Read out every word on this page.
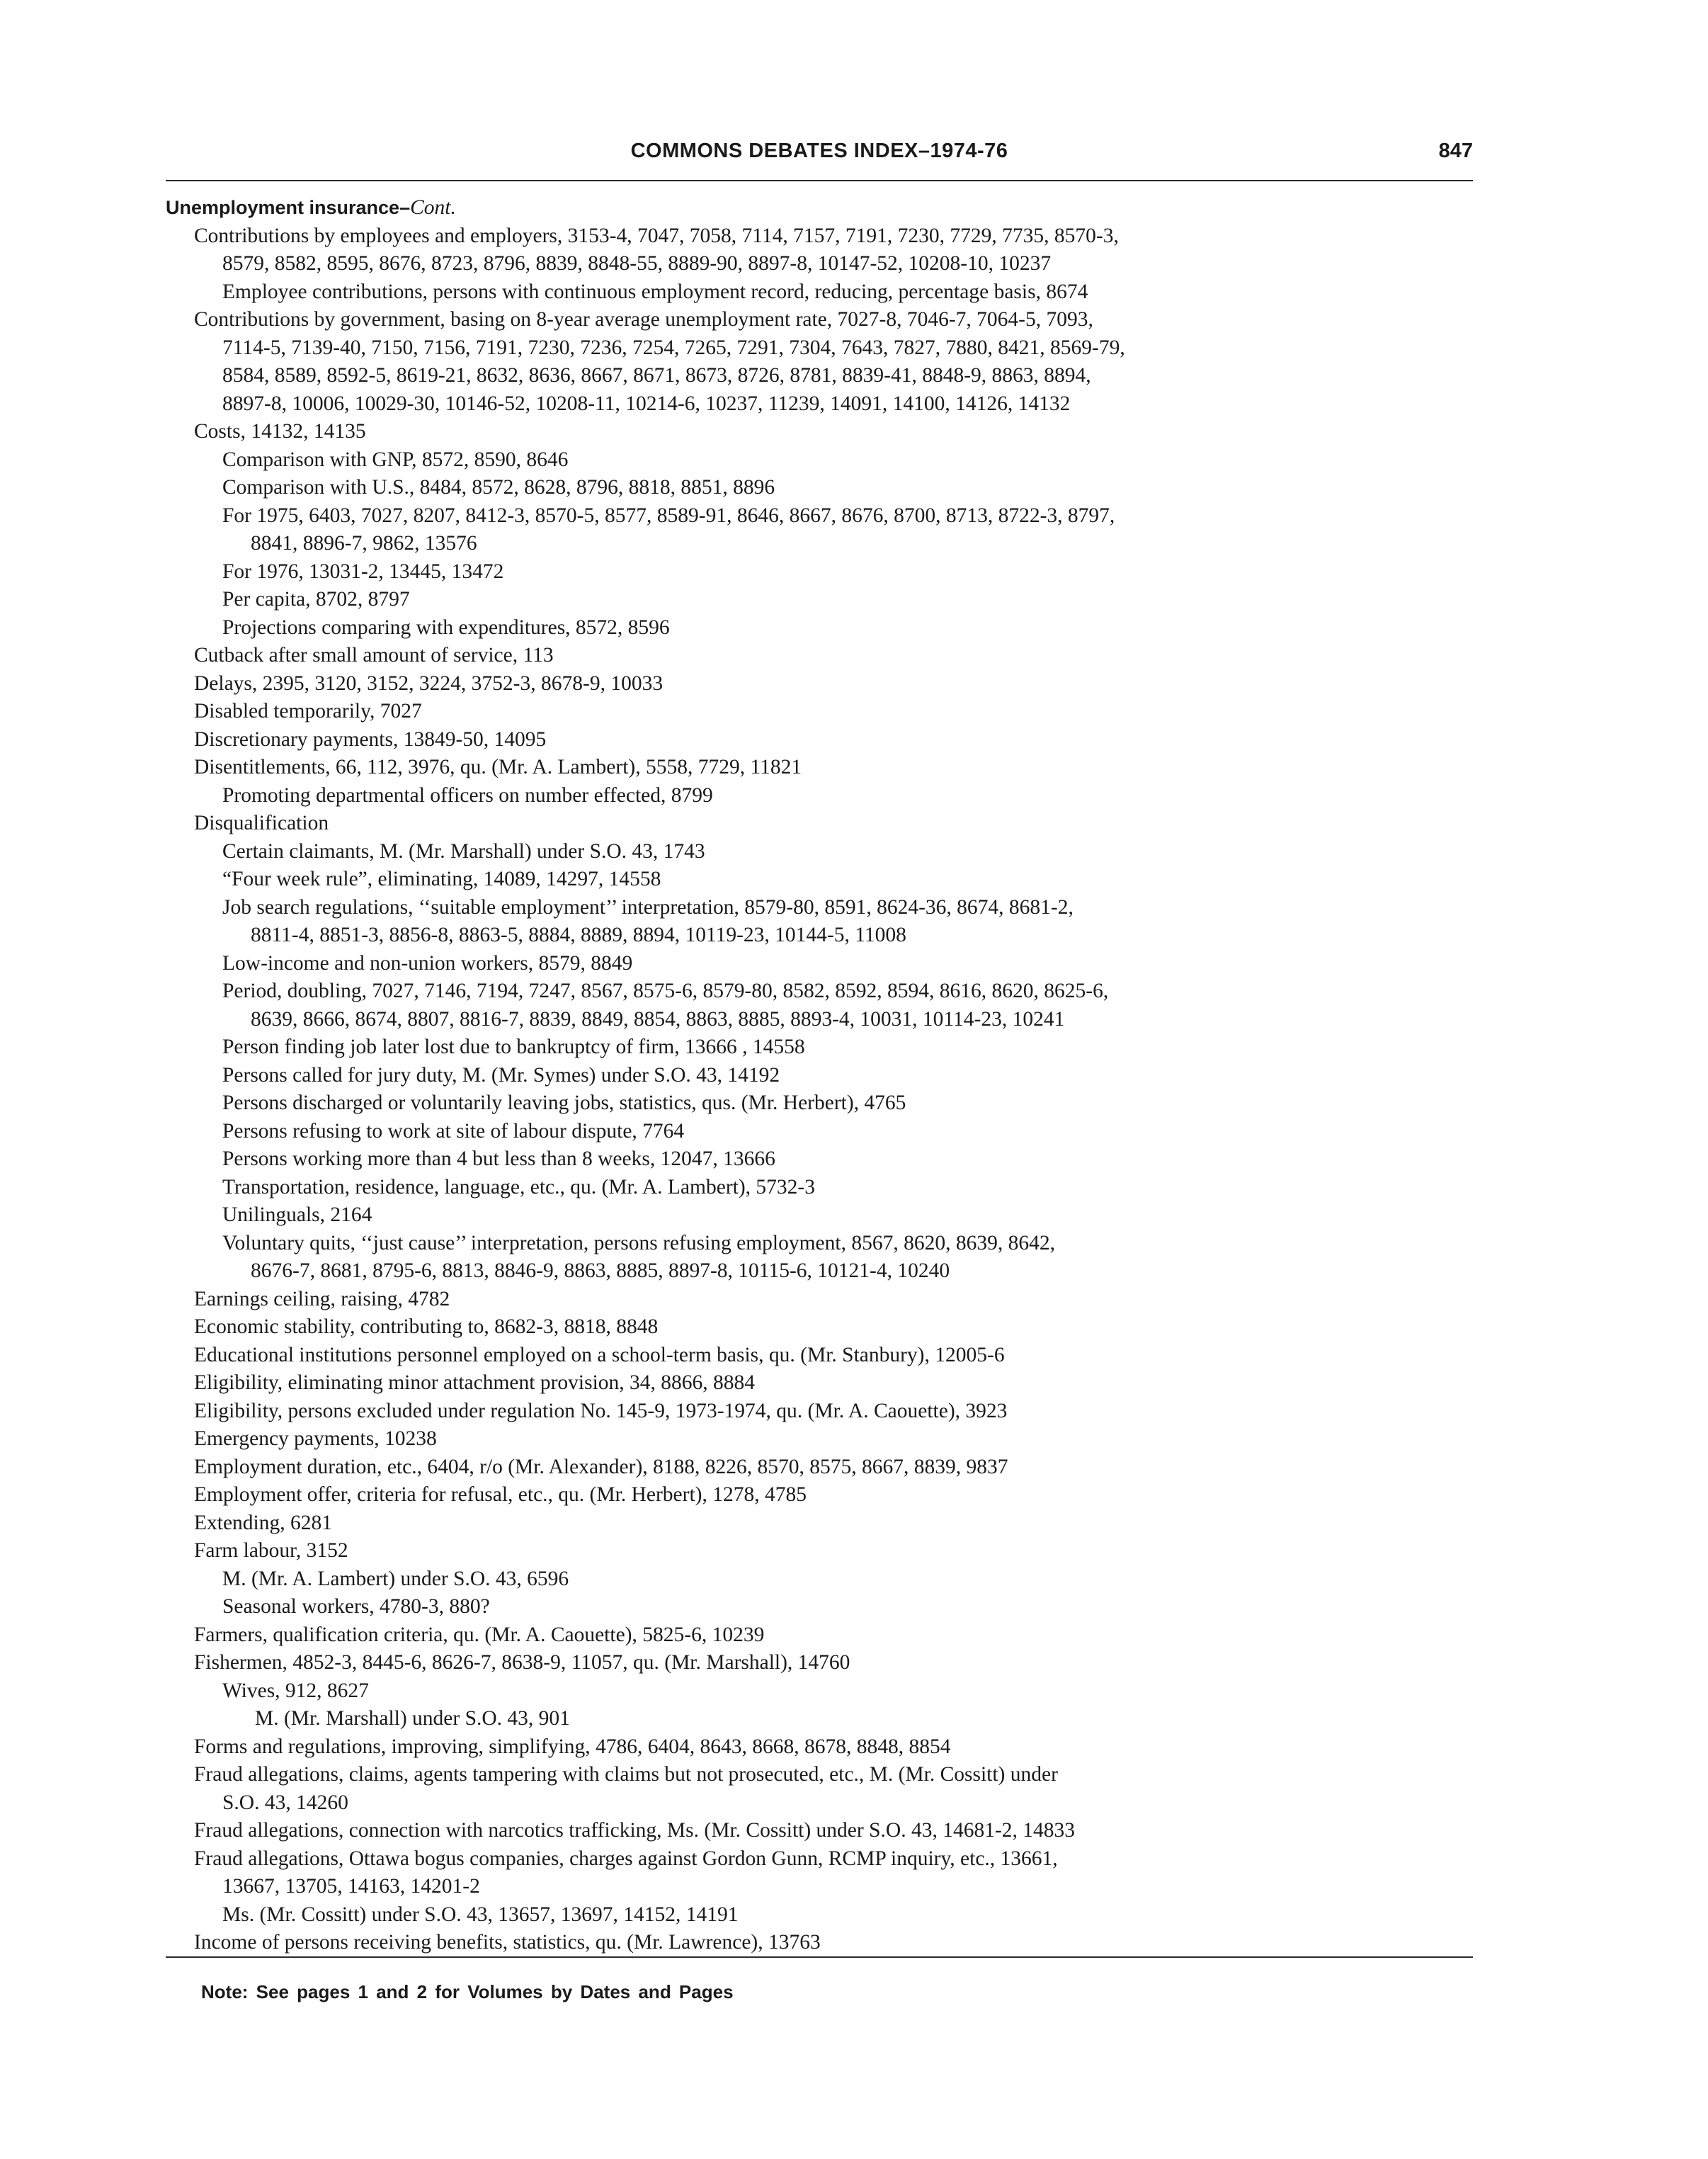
COMMONS DEBATES INDEX–1974-76	847

Unemployment insurance–Cont.

Contributions by employees and employers, 3153-4, 7047, 7058, 7114, 7157, 7191, 7230, 7729, 7735, 8570-3,
8579, 8582, 8595, 8676, 8723, 8796, 8839, 8848-55, 8889-90, 8897-8, 10147-52, 10208-10, 10237

Employee contributions, persons with continuous employment record, reducing, percentage basis, 8674

Contributions by government, basing on 8-year average unemployment rate, 7027-8, 7046-7, 7064-5, 7093,
7114-5, 7139-40, 7150, 7156, 7191, 7230, 7236, 7254, 7265, 7291, 7304, 7643, 7827, 7880, 8421, 8569-79,
8584, 8589, 8592-5, 8619-21, 8632, 8636, 8667, 8671, 8673, 8726, 8781, 8839-41, 8848-9, 8863, 8894,
8897-8, 10006, 10029-30, 10146-52, 10208-11, 10214-6, 10237, 11239, 14091, 14100, 14126, 14132

Costs, 14132, 14135

Comparison with GNP, 8572, 8590, 8646

Comparison with U.S., 8484, 8572, 8628, 8796, 8818, 8851, 8896

For 1975, 6403, 7027, 8207, 8412-3, 8570-5, 8577, 8589-91, 8646, 8667, 8676, 8700, 8713, 8722-3, 8797,
8841, 8896-7, 9862, 13576

For 1976, 13031-2, 13445, 13472

Per capita, 8702, 8797

Projections comparing with expenditures, 8572, 8596

Cutback after small amount of service, 113

Delays, 2395, 3120, 3152, 3224, 3752-3, 8678-9, 10033

Disabled temporarily, 7027

Discretionary payments, 13849-50, 14095

Disentitlements, 66, 112, 3976, qu. (Mr. A. Lambert), 5558, 7729, 11821

Promoting departmental officers on number effected, 8799

Disqualification

Certain claimants, M. (Mr. Marshall) under S.O. 43, 1743

“Four week rule”, eliminating, 14089, 14297, 14558

Job search regulations, ‘‘suitable employment’’ interpretation, 8579-80, 8591, 8624-36, 8674, 8681-2,
8811-4, 8851-3, 8856-8, 8863-5, 8884, 8889, 8894, 10119-23, 10144-5, 11008

Low-income and non-union workers, 8579, 8849

Period, doubling, 7027, 7146, 7194, 7247, 8567, 8575-6, 8579-80, 8582, 8592, 8594, 8616, 8620, 8625-6,
8639, 8666, 8674, 8807, 8816-7, 8839, 8849, 8854, 8863, 8885, 8893-4, 10031, 10114-23, 10241

Person finding job later lost due to bankruptcy of firm, 13666 , 14558

Persons called for jury duty, M. (Mr. Symes) under S.O. 43, 14192

Persons discharged or voluntarily leaving jobs, statistics, qus. (Mr. Herbert), 4765

Persons refusing to work at site of labour dispute, 7764

Persons working more than 4 but less than 8 weeks, 12047, 13666

Transportation, residence, language, etc., qu. (Mr. A. Lambert), 5732-3

Unilinguals, 2164

Voluntary quits, ‘‘just cause’’ interpretation, persons refusing employment, 8567, 8620, 8639, 8642,
8676-7, 8681, 8795-6, 8813, 8846-9, 8863, 8885, 8897-8, 10115-6, 10121-4, 10240

Earnings ceiling, raising, 4782

Economic stability, contributing to, 8682-3, 8818, 8848

Educational institutions personnel employed on a school-term basis, qu. (Mr. Stanbury), 12005-6

Eligibility, eliminating minor attachment provision, 34, 8866, 8884

Eligibility, persons excluded under regulation No. 145-9, 1973-1974, qu. (Mr. A. Caouette), 3923

Emergency payments, 10238

Employment duration, etc., 6404, r/o (Mr. Alexander), 8188, 8226, 8570, 8575, 8667, 8839, 9837

Employment offer, criteria for refusal, etc., qu. (Mr. Herbert), 1278, 4785

Extending, 6281

Farm labour, 3152

M. (Mr. A. Lambert) under S.O. 43, 6596

Seasonal workers, 4780-3, 880?

Farmers, qualification criteria, qu. (Mr. A. Caouette), 5825-6, 10239

Fishermen, 4852-3, 8445-6, 8626-7, 8638-9, 11057, qu. (Mr. Marshall), 14760

Wives, 912, 8627

M. (Mr. Marshall) under S.O. 43, 901

Forms and regulations, improving, simplifying, 4786, 6404, 8643, 8668, 8678, 8848, 8854

Fraud allegations, claims, agents tampering with claims but not prosecuted, etc., M. (Mr. Cossitt) under
S.O. 43, 14260

Fraud allegations, connection with narcotics trafficking, Ms. (Mr. Cossitt) under S.O. 43, 14681-2, 14833

Fraud allegations, Ottawa bogus companies, charges against Gordon Gunn, RCMP inquiry, etc., 13661,
13667, 13705, 14163, 14201-2

Ms. (Mr. Cossitt) under S.O. 43, 13657, 13697, 14152, 14191

Income of persons receiving benefits, statistics, qu. (Mr. Lawrence), 13763

Note: See pages 1 and 2 for Volumes by Dates and Pages
